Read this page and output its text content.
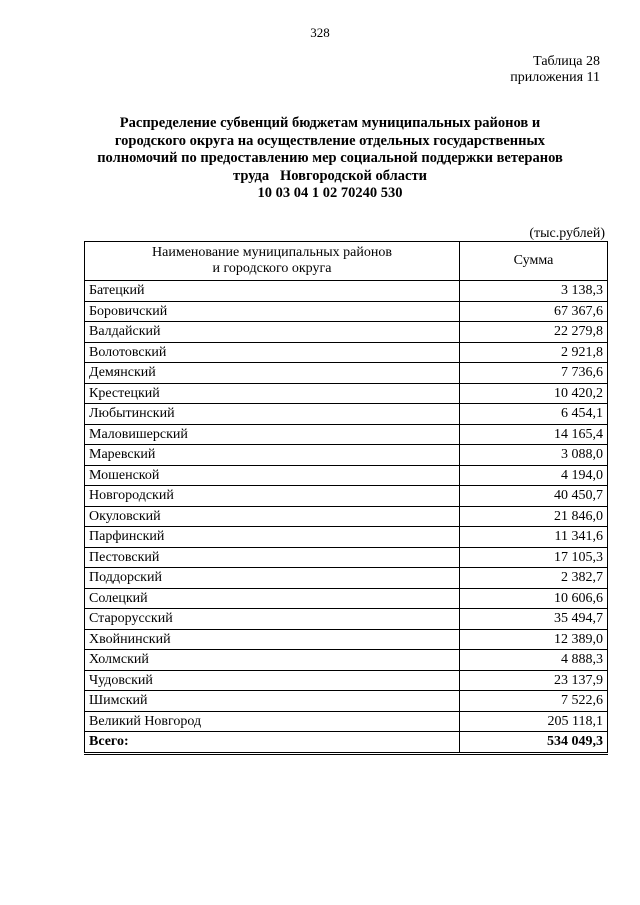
328
Таблица 28
приложения 11
Распределение субвенций бюджетам муниципальных районов и
городского округа на осуществление отдельных государственных
полномочий по предоставлению мер социальной поддержки ветеранов
труда   Новгородской области
10 03 04 1 02 70240 530
(тыс.рублей)
Наименование муниципальных районов
и городского округа	Сумма
Батецкий	3 138,3
Боровичский	67 367,6
Валдайский	22 279,8
Волотовский	2 921,8
Демянский	7 736,6
Крестецкий	10 420,2
Любытинский	6 454,1
Маловишерский	14 165,4
Маревский	3 088,0
Мошенской	4 194,0
Новгородский	40 450,7
Окуловский	21 846,0
Парфинский	11 341,6
Пестовский	17 105,3
Поддорский	2 382,7
Солецкий	10 606,6
Старорусский	35 494,7
Хвойнинский	12 389,0
Холмский	4 888,3
Чудовский	23 137,9
Шимский	7 522,6
Великий Новгород	205 118,1
Всего:	534 049,3
